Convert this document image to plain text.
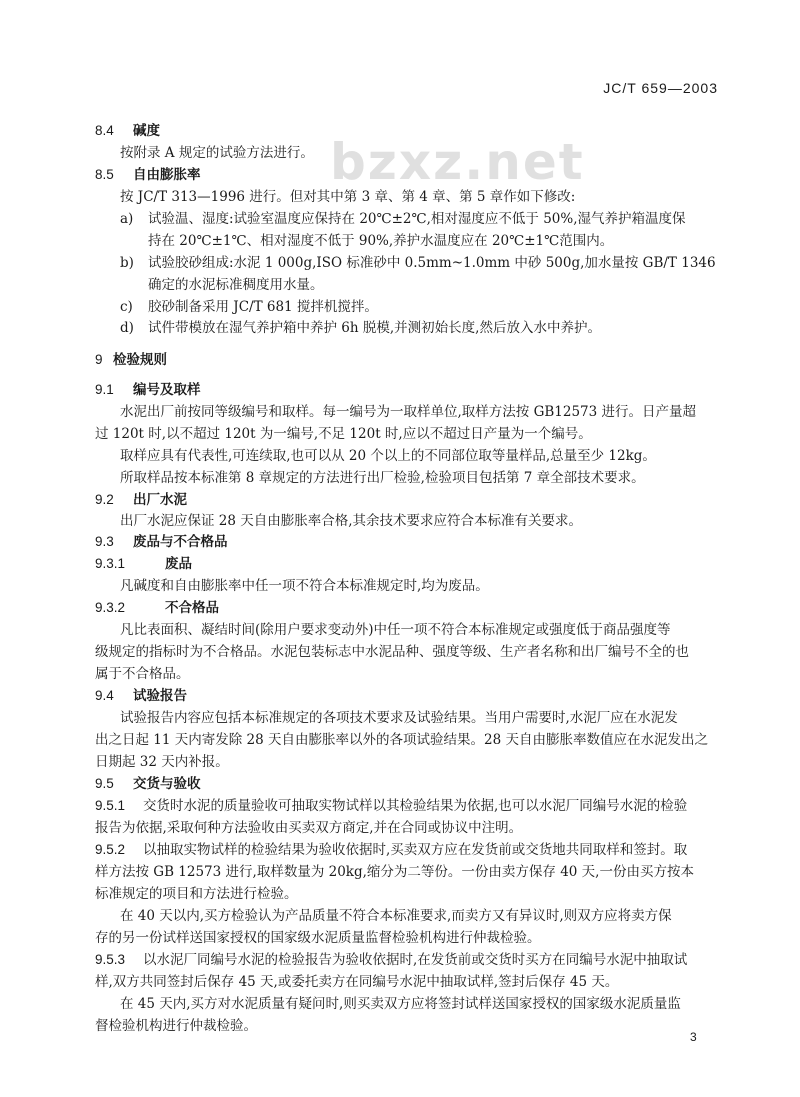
JC/T 659—2003
bzxz.net
8.4 碱度
按附录 A 规定的试验方法进行。
8.5 自由膨胀率
按 JC/T 313—1996 进行。但对其中第 3 章、第 4 章、第 5 章作如下修改:
a) 试验温、湿度:试验室温度应保持在 20℃±2℃,相对湿度应不低于 50%,湿气养护箱温度保
持在 20℃±1℃、相对湿度不低于 90%,养护水温度应在 20℃±1℃范围内。
b) 试验胶砂组成:水泥 1 000g,ISO 标准砂中 0.5mm~1.0mm 中砂 500g,加水量按 GB/T 1346
确定的水泥标准稠度用水量。
c) 胶砂制备采用 JC/T 681 搅拌机搅拌。
d) 试件带模放在湿气养护箱中养护 6h 脱模,并测初始长度,然后放入水中养护。
9 检验规则
9.1 编号及取样
水泥出厂前按同等级编号和取样。每一编号为一取样单位,取样方法按 GB12573 进行。日产量超
过 120t 时,以不超过 120t 为一编号,不足 120t 时,应以不超过日产量为一个编号。
取样应具有代表性,可连续取,也可以从 20 个以上的不同部位取等量样品,总量至少 12kg。
所取样品按本标准第 8 章规定的方法进行出厂检验,检验项目包括第 7 章全部技术要求。
9.2 出厂水泥
出厂水泥应保证 28 天自由膨胀率合格,其余技术要求应符合本标准有关要求。
9.3 废品与不合格品
9.3.1	废品
凡碱度和自由膨胀率中任一项不符合本标准规定时,均为废品。
9.3.2	不合格品
凡比表面积、凝结时间(除用户要求变动外)中任一项不符合本标准规定或强度低于商品强度等
级规定的指标时为不合格品。水泥包装标志中水泥品种、强度等级、生产者名称和出厂编号不全的也
属于不合格品。
9.4 试验报告
试验报告内容应包括本标准规定的各项技术要求及试验结果。当用户需要时,水泥厂应在水泥发
出之日起 11 天内寄发除 28 天自由膨胀率以外的各项试验结果。28 天自由膨胀率数值应在水泥发出之
日期起 32 天内补报。
9.5 交货与验收
9.5.1 交货时水泥的质量验收可抽取实物试样以其检验结果为依据,也可以水泥厂同编号水泥的检验
报告为依据,采取何种方法验收由买卖双方商定,并在合同或协议中注明。
9.5.2 以抽取实物试样的检验结果为验收依据时,买卖双方应在发货前或交货地共同取样和签封。取
样方法按 GB 12573 进行,取样数量为 20kg,缩分为二等份。一份由卖方保存 40 天,一份由买方按本
标准规定的项目和方法进行检验。
在 40 天以内,买方检验认为产品质量不符合本标准要求,而卖方又有异议时,则双方应将卖方保
存的另一份试样送国家授权的国家级水泥质量监督检验机构进行仲裁检验。
9.5.3 以水泥厂同编号水泥的检验报告为验收依据时,在发货前或交货时买方在同编号水泥中抽取试
样,双方共同签封后保存 45 天,或委托卖方在同编号水泥中抽取试样,签封后保存 45 天。
在 45 天内,买方对水泥质量有疑问时,则买卖双方应将签封试样送国家授权的国家级水泥质量监
督检验机构进行仲裁检验。
3
